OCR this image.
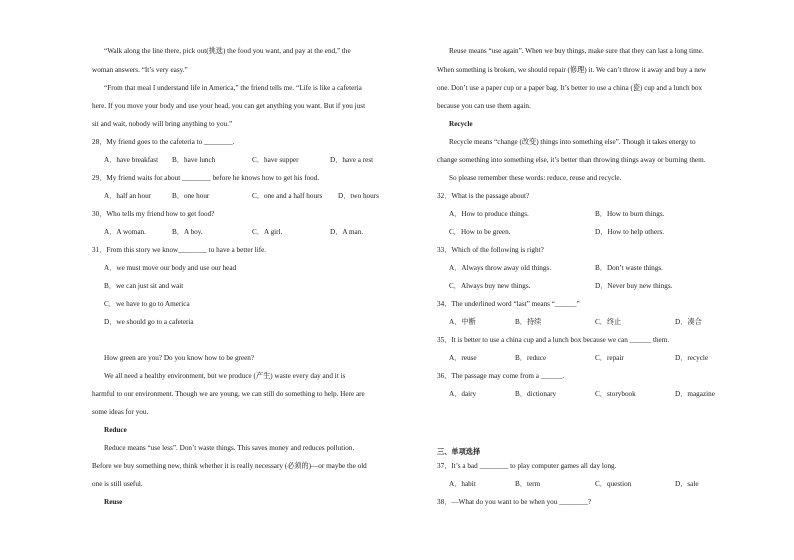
“Walk along the line there, pick out(挑选) the food you want, and pay at the end,” the
woman answers. “It’s very easy.”
“From that meal I understand life in America,” the friend tells me. “Life is like a cafeteria
here. If you move your body and use your head, you can get anything you want. But if you just
sit and wait, nobody will bring anything to you.”
28．My friend goes to the cafeteria to ________.
A．have breakfast B．have lunch	C．have supper	D．have a rest
29．My friend waits for about ________ before he knows how to get his food.
A．half an hour	B．one hour	C．one and a half hours D．two hours
30．Who tells my friend how to get food?
A．A woman.	B．A boy.	C．A girl.	D．A man.
31．From this story we know________ to have a better life.
A．we must move our body and use our head
B．we can just sit and wait
C．we have to go to America
D．we should go to a cafeteria
How green are you? Do you know how to be green?
We all need a healthy environment, but we produce (产生) waste every day and it is
harmful to our environment. Though we are young, we can still do something to help. Here are
some ideas for you.
Reduce
Reduce means “use less”. Don’t waste things. This saves money and reduces pollution.
Before we buy something new, think whether it is really necessary (必须的)—or maybe the old
one is still useful.
Reuse
Reuse means “use again”. When we buy things, make sure that they can last a long time.
When something is broken, we should repair (修理) it. We can’t throw it away and buy a new
one. Don’t use a paper cup or a paper bag. It’s better to use a china (瓷) cup and a lunch box
because you can use them again.
Recycle
Recycle means “change (改变) things into something else”. Though it takes energy to
change something into something else, it’s better than throwing things away or burning them.
So please remember these words: reduce, reuse and recycle.
32．What is the passage about?
A．How to produce things.	B．How to burn things.
C．How to be green.	D．How to help others.
33．Which of the following is right?
A．Always throw away old things.	B．Don’t waste things.
C．Always buy new things.	D．Never buy new things.
34．The underlined word “last” means “______”
A．中断	B．持续	C．终止	D．凑合
35．It is better to use a china cup and a lunch box because we can ______ them.
A．reuse	B．reduce	C．repair	D．recycle
36．The passage may come from a ______.
A．dairy	B．dictionary	C．storybook	D．magazine
三、单项选择
37．It’s a bad ________ to play computer games all day long.
A．habit	B．term	C．question	D．sale
38．—What do you want to be when you ________?
